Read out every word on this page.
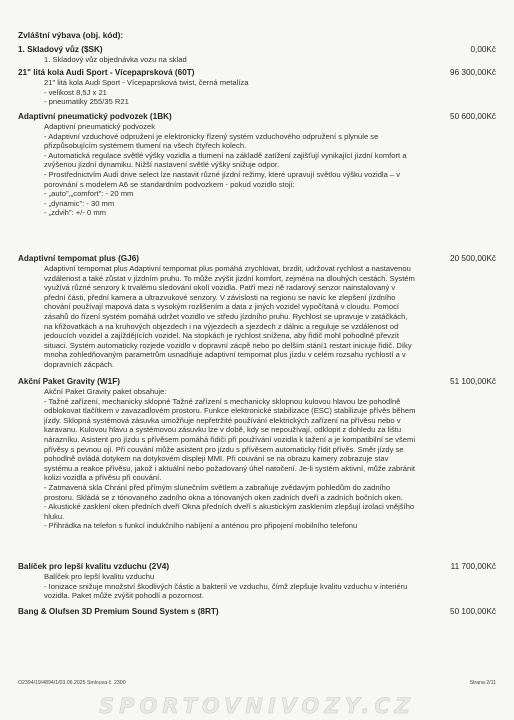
Zvláštní výbava (obj. kód):
1. Skladový vůz ($SK)	0,00Kč
1. Skladový vůz objednávka vozu na sklad
21" litá kola Audi Sport - Vícepaprsková (60T)	96 300,00Kč
21" litá kola Audi Sport - Vícepaprsková twist, černá metalíza
- velikost 8,5J x 21
- pneumatiky 255/35 R21
Adaptivní pneumatický podvozek (1BK)	50 600,00Kč
Adaptivní pneumatický podvozek
- Adaptivní vzduchové odpružení je elektronicky řízený systém vzduchového odpružení s plynule se přizpůsobujícím systémem tlumení na všech čtyřech kolech.
- Automatická regulace světlé výšky vozidla a tlumení na základě zatížení zajišťují vynikající jízdní komfort a zvýšenou jízdní dynamiku. Nižší nastavení světlé výšky snižuje odpor.
- Prostřednictvím Audi drive select lze nastavit různé jízdní režimy, které upravují světlou výšku vozidla – v porovnání s modelem A6 se standardním podvozkem - pokud vozidlo stojí:
- „auto",„comfort": - 20 mm
- „dynamic": - 30 mm
- „zdvih": +/- 0 mm
Adaptivní tempomat plus (GJ6)	20 500,00Kč
Adaptivní tempomat plus Adaptivní tempomat plus pomáhá zrychlovat, brzdit, udržovat rychlost a nastavenou vzdálenost a také zůstat v jízdním pruhu. To může zvýšit jízdní komfort, zejména na dlouhých cestách. Systém využívá různé senzory k trvalému sledování okolí vozidla. Patří mezi ně radarový senzor nainstalovaný v přední části, přední kamera a ultrazvukové senzory. V závislosti na regionu se navíc ke zlepšení jízdního chování používají mapová data s vysokým rozlišením a data z jiných vozidel vypočítaná v cloudu. Pomocí zásahů do řízení systém pomáhá udržet vozidlo ve středu jízdního pruhu. Rychlost se upravuje v zatáčkách, na křižovatkách a na kruhových objezdech i na výjezdech a sjezdech z dálnic a reguluje se vzdálenost od jedoucích vozidel a zajíždějících vozidel. Na stopkách je rychlost snížena, aby řidič mohl pohodlně převzít situaci. Systém automaticky rozjede vozidlo v dopravní zácpě nebo po delším stání1 restart iniciuje řidič. Díky mnoha zohledňovaným parametrům usnadňuje adaptivní tempomat plus jízdu v celém rozsahu rychlostí a v dopravních zácpách.
Akční Paket Gravity (W1F)	51 100,00Kč
Akční Paket Gravity paket obsahuje:
- Tažné zařízení, mechanicky sklopné Tažné zařízení s mechanicky sklopnou kulovou hlavou lze pohodlně odblokovat tlačítkem v zavazadlovém prostoru. Funkce elektronické stabilizace (ESC) stabilizuje přívěs během jízdy. Sklopná systémová zásuvka umožňuje nepřetržité používání elektrických zařízení na přívěsu nebo v karavanu. Kulovou hlavu a systémovou zásuvku lze v době, kdy se nepoužívají, odklopit z dohledu za lištu nárazníku. Asistent pro jízdu s přívěsem pomáhá řidiči při používání vozidla k tažení a je kompatibilní se všemi přívěsy s pevnou ojí. Při couvání může asistent pro jízdu s přívěsem automaticky řídit přívěs. Směr jízdy se pohodlně ovládá dotykem na dotykovém displeji MMI. Při couvání se na obrazu kamery zobrazuje stav systému a reakce přívěsu, jakož i aktuální nebo požadovaný úhel natočení. Je-li systém aktivní, může zabránit kolizi vozidla a přívěsu při couvání.
- Zatmavená skla Chrání před přímým slunečním světlem a zabraňuje zvědavým pohledům do zadního prostoru. Skládá se z tónovaného zadního okna a tónovaných oken zadních dveří a zadních bočních oken.
- Akustické zasklení oken předních dveří Okna předních dveří s akustickým zasklením zlepšují izolaci vnějšího hluku.
- Přihrádka na telefon s funkcí indukčního nabíjení a anténou pro připojení mobilního telefonu
Balíček pro lepší kvalitu vzduchu (2V4)	11 700,00Kč
Balíček pro lepší kvalitu vzduchu
- Ionizace snižuje množství škodlivých částic a bakterií ve vzduchu, čímž zlepšuje kvalitu vzduchu v interiéru vozidla. Paket může zvýšit pohodlí a pozornost.
Bang & Olufsen 3D Premium Sound System s (8RT)	50 100,00Kč
O2394/19/4894/1/03.06.2025 Smlouva č. 2300	Strana 2/11
SPORTOVNIVOZY.CZ
